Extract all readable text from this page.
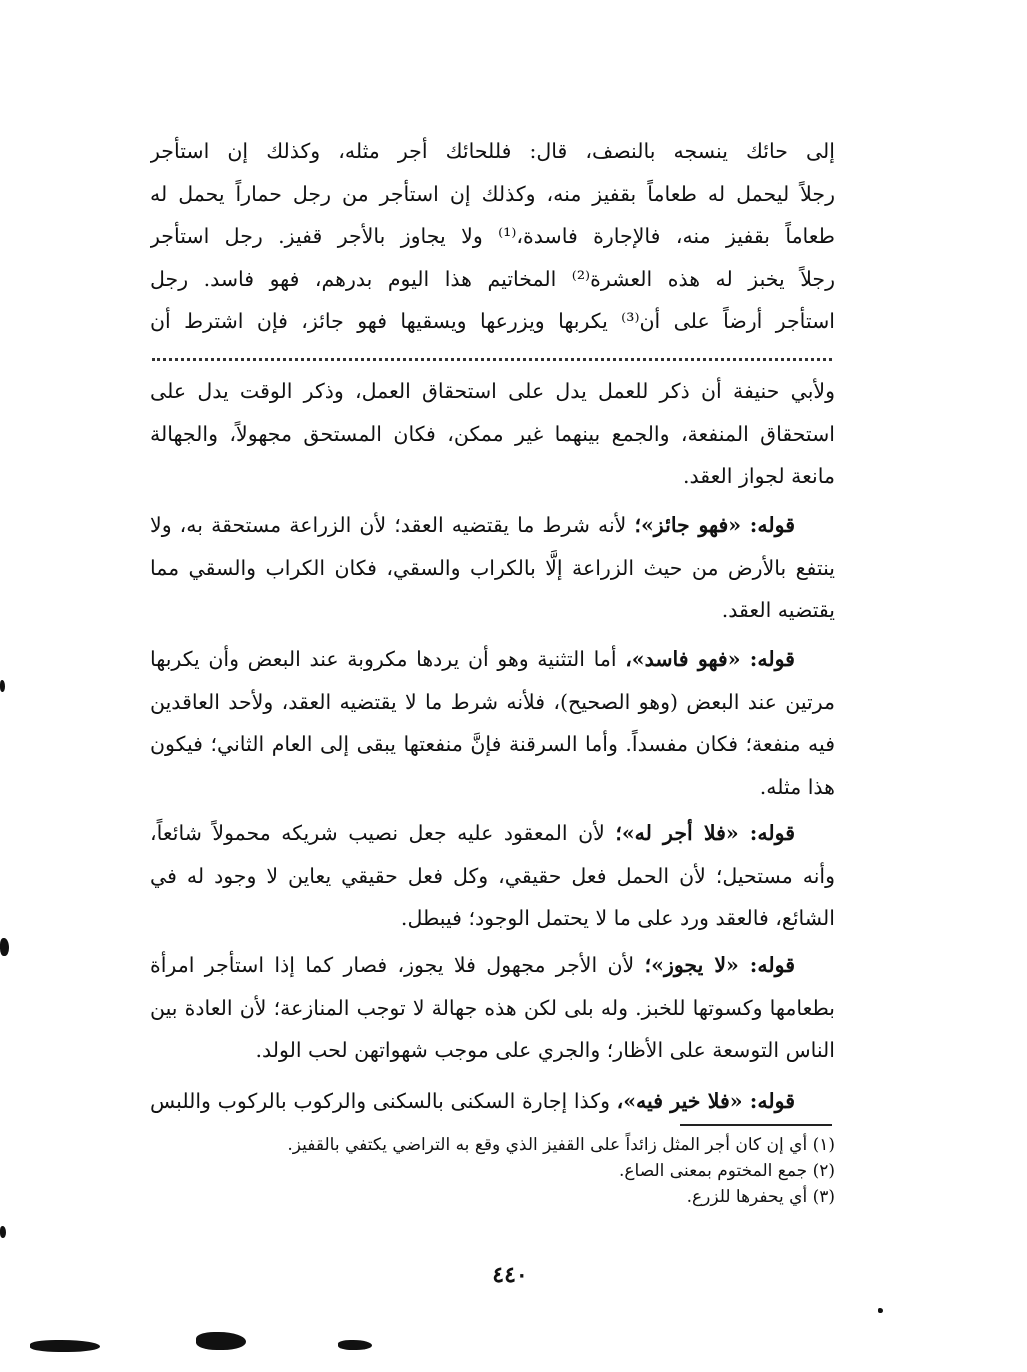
إلى حائك ينسجه بالنصف، قال: فللحائك أجر مثله، وكذلك إن استأجر
رجلاً ليحمل له طعاماً بقفيز منه، وكذلك إن استأجر من رجل حماراً يحمل له
طعاماً بقفيز منه، فالإجارة فاسدة،⁽¹⁾ ولا يجاوز بالأجر قفيز. رجل استأجر
رجلاً يخبز له هذه العشرة⁽²⁾ المخاتيم هذا اليوم بدرهم، فهو فاسد. رجل
استأجر أرضاً على أن⁽³⁾ يكربها ويزرعها ويسقيها فهو جائز، فإن اشترط أن
ولأبي حنيفة أن ذكر للعمل يدل على استحقاق العمل، وذكر الوقت يدل على
استحقاق المنفعة، والجمع بينهما غير ممكن، فكان المستحق مجهولاً، والجهالة
مانعة لجواز العقد.
قوله: «فهو جائز»؛ لأنه شرط ما يقتضيه العقد؛ لأن الزراعة مستحقة به، ولا
ينتفع بالأرض من حيث الزراعة إلَّا بالكراب والسقي، فكان الكراب والسقي مما
يقتضيه العقد.
قوله: «فهو فاسد»، أما التثنية وهو أن يردها مكروبة عند البعض وأن يكربها
مرتين عند البعض (وهو الصحيح)، فلأنه شرط ما لا يقتضيه العقد، ولأحد العاقدين
فيه منفعة؛ فكان مفسداً. وأما السرقنة فإنَّ منفعتها يبقى إلى العام الثاني؛ فيكون
هذا مثله.
قوله: «فلا أجر له»؛ لأن المعقود عليه جعل نصيب شريكه محمولاً شائعاً،
وأنه مستحيل؛ لأن الحمل فعل حقيقي، وكل فعل حقيقي يعاين لا وجود له في
الشائع، فالعقد ورد على ما لا يحتمل الوجود؛ فيبطل.
قوله: «لا يجوز»؛ لأن الأجر مجهول فلا يجوز، فصار كما إذا استأجر امرأة
بطعامها وكسوتها للخبز. وله بلى لكن هذه جهالة لا توجب المنازعة؛ لأن العادة بين
الناس التوسعة على الأظار؛ والجري على موجب شهواتهن لحب الولد.
قوله: «فلا خير فيه»، وكذا إجارة السكنى بالسكنى والركوب بالركوب واللبس
(١) أي إن كان أجر المثل زائداً على القفيز الذي وقع به التراضي يكتفي بالقفيز.
(٢) جمع المختوم بمعنى الصاع.
(٣) أي يحفرها للزرع.
٤٤٠
